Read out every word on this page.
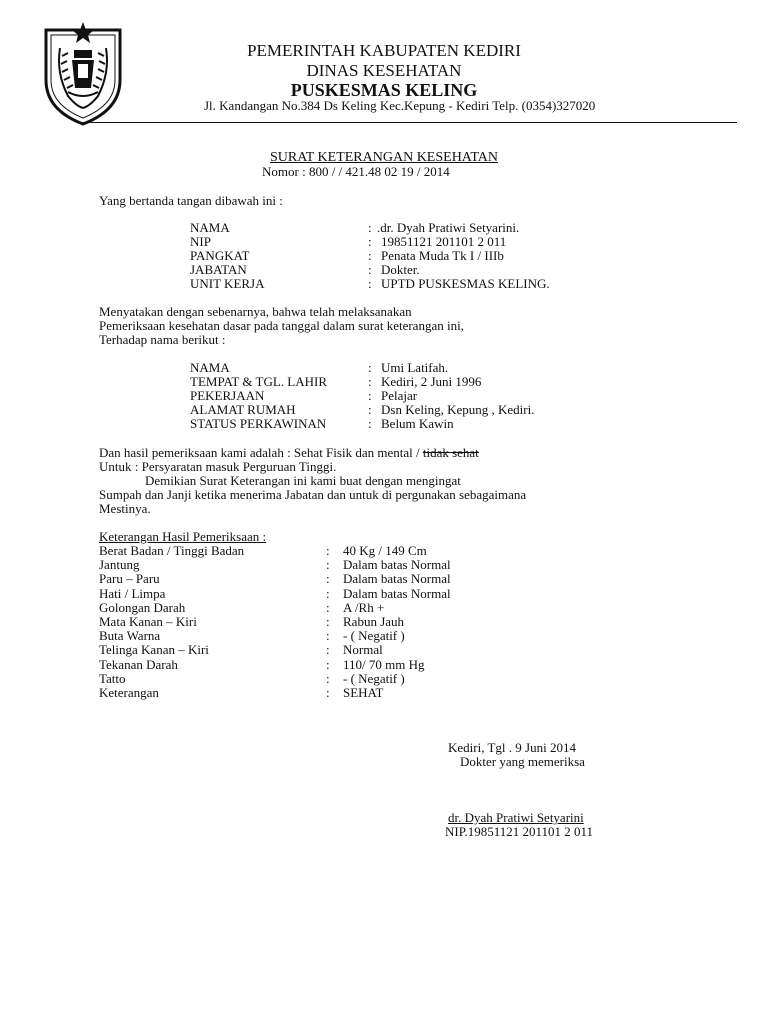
PEMERINTAH KABUPATEN KEDIRI
DINAS KESEHATAN
PUSKESMAS KELING
Jl. Kandangan No.384 Ds Keling Kec.Kepung - Kediri Telp. (0354)327020
SURAT KETERANGAN KESEHATAN
Nomor : 800 / / 421.48 02 19 / 2014
Yang bertanda tangan dibawah ini :
NAMA	: .dr. Dyah Pratiwi Setyarini.
NIP	: 19851121 201101 2 011
PANGKAT	: Penata Muda Tk I / IIIb
JABATAN	: Dokter.
UNIT KERJA	: UPTD PUSKESMAS KELING.
Menyatakan dengan sebenarnya, bahwa telah melaksanakan
Pemeriksaan kesehatan dasar pada tanggal dalam surat keterangan ini,
Terhadap nama berikut :
NAMA	: Umi Latifah.
TEMPAT & TGL. LAHIR	: Kediri, 2 Juni 1996
PEKERJAAN	: Pelajar
ALAMAT RUMAH	: Dsn Keling, Kepung , Kediri.
STATUS PERKAWINAN	: Belum Kawin
Dan hasil pemeriksaan kami adalah : Sehat Fisik dan mental / tidak sehat
Untuk : Persyaratan masuk Perguruan Tinggi.
Demikian Surat Keterangan ini kami buat dengan mengingat
Sumpah dan Janji ketika menerima Jabatan dan untuk di pergunakan sebagaimana
Mestinya.
Keterangan Hasil Pemeriksaan :
Berat Badan / Tinggi Badan	: 40 Kg / 149 Cm
Jantung	: Dalam batas Normal
Paru – Paru	: Dalam batas Normal
Hati / Limpa	: Dalam batas Normal
Golongan Darah	: A /Rh +
Mata Kanan – Kiri	: Rabun Jauh
Buta Warna	: - ( Negatif )
Telinga Kanan – Kiri	: Normal
Tekanan Darah	: 110/ 70 mm Hg
Tatto	: - ( Negatif )
Keterangan	: SEHAT
Kediri, Tgl . 9 Juni 2014
Dokter yang memeriksa
dr. Dyah Pratiwi Setyarini
NIP.19851121 201101 2 011
